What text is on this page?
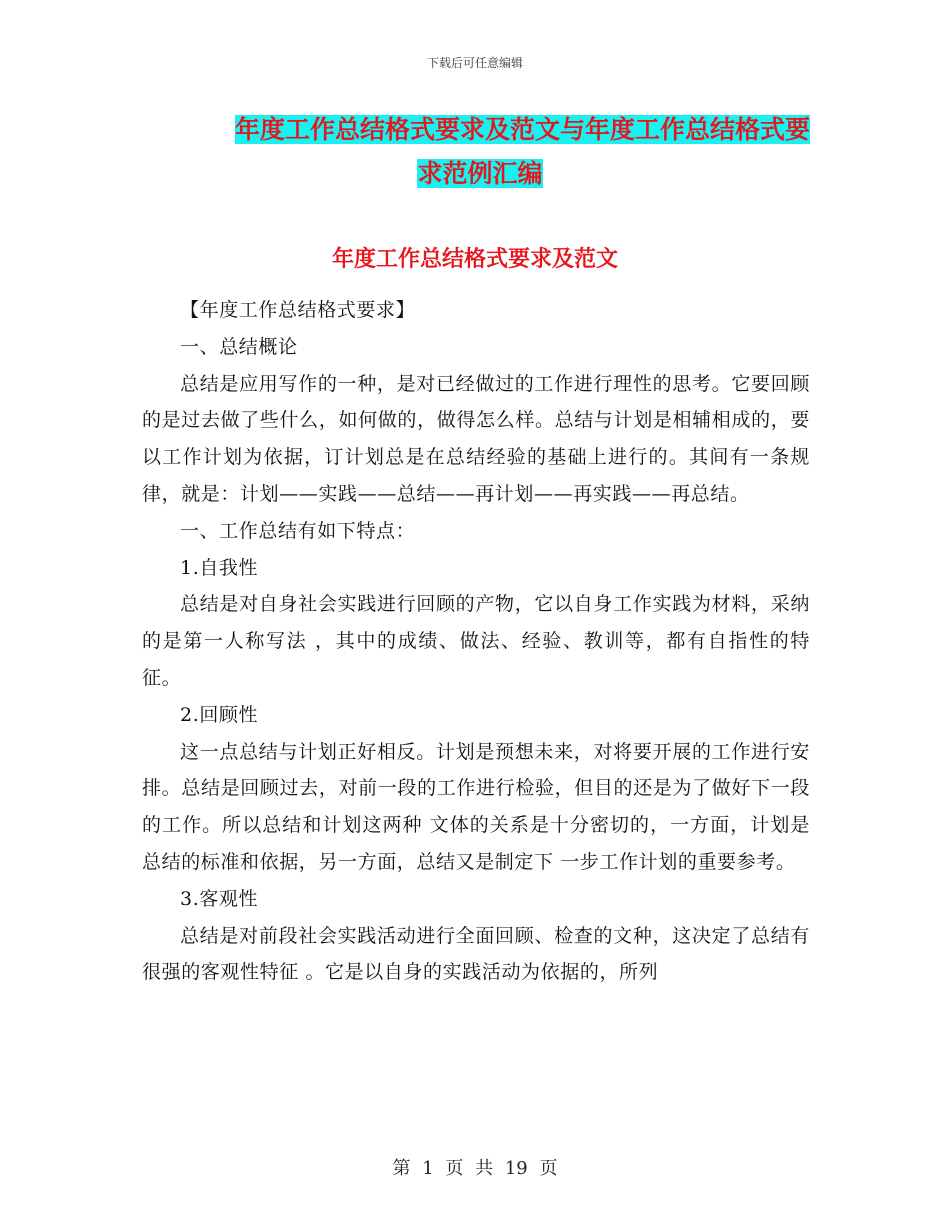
下载后可任意编辑
年度工作总结格式要求及范文与年度工作总结格式要
求范例汇编
年度工作总结格式要求及范文

【年度工作总结格式要求】

一、总结概论

总结是应用写作的一种，是对已经做过的工作进行理性的思考。它要回顾的是过去做了些什么，如何做的，做得怎么样。总结与计划是相辅相成的，要以工作计划为依据，订计划总是在总结经验的基础上进行的。其间有一条规律，就是：计划——实践——总结——再计划——再实践——再总结。

一、工作总结有如下特点：

1.自我性

总结是对自身社会实践进行回顾的产物，它以自身工作实践为材料，采纳的是第一人称写法 ，其中的成绩、做法、经验、教训等，都有自指性的特征。

2.回顾性

这一点总结与计划正好相反。计划是预想未来，对将要开展的工作进行安排。总结是回顾过去，对前一段的工作进行检验，但目的还是为了做好下一段的工作。所以总结和计划这两种 文体的关系是十分密切的，一方面，计划是总结的标准和依据，另一方面，总结又是制定下 一步工作计划的重要参考。

3.客观性

总结是对前段社会实践活动进行全面回顾、检查的文种，这决定了总结有很强的客观性特征 。它是以自身的实践活动为依据的，所列

第 1 页 共 19 页
